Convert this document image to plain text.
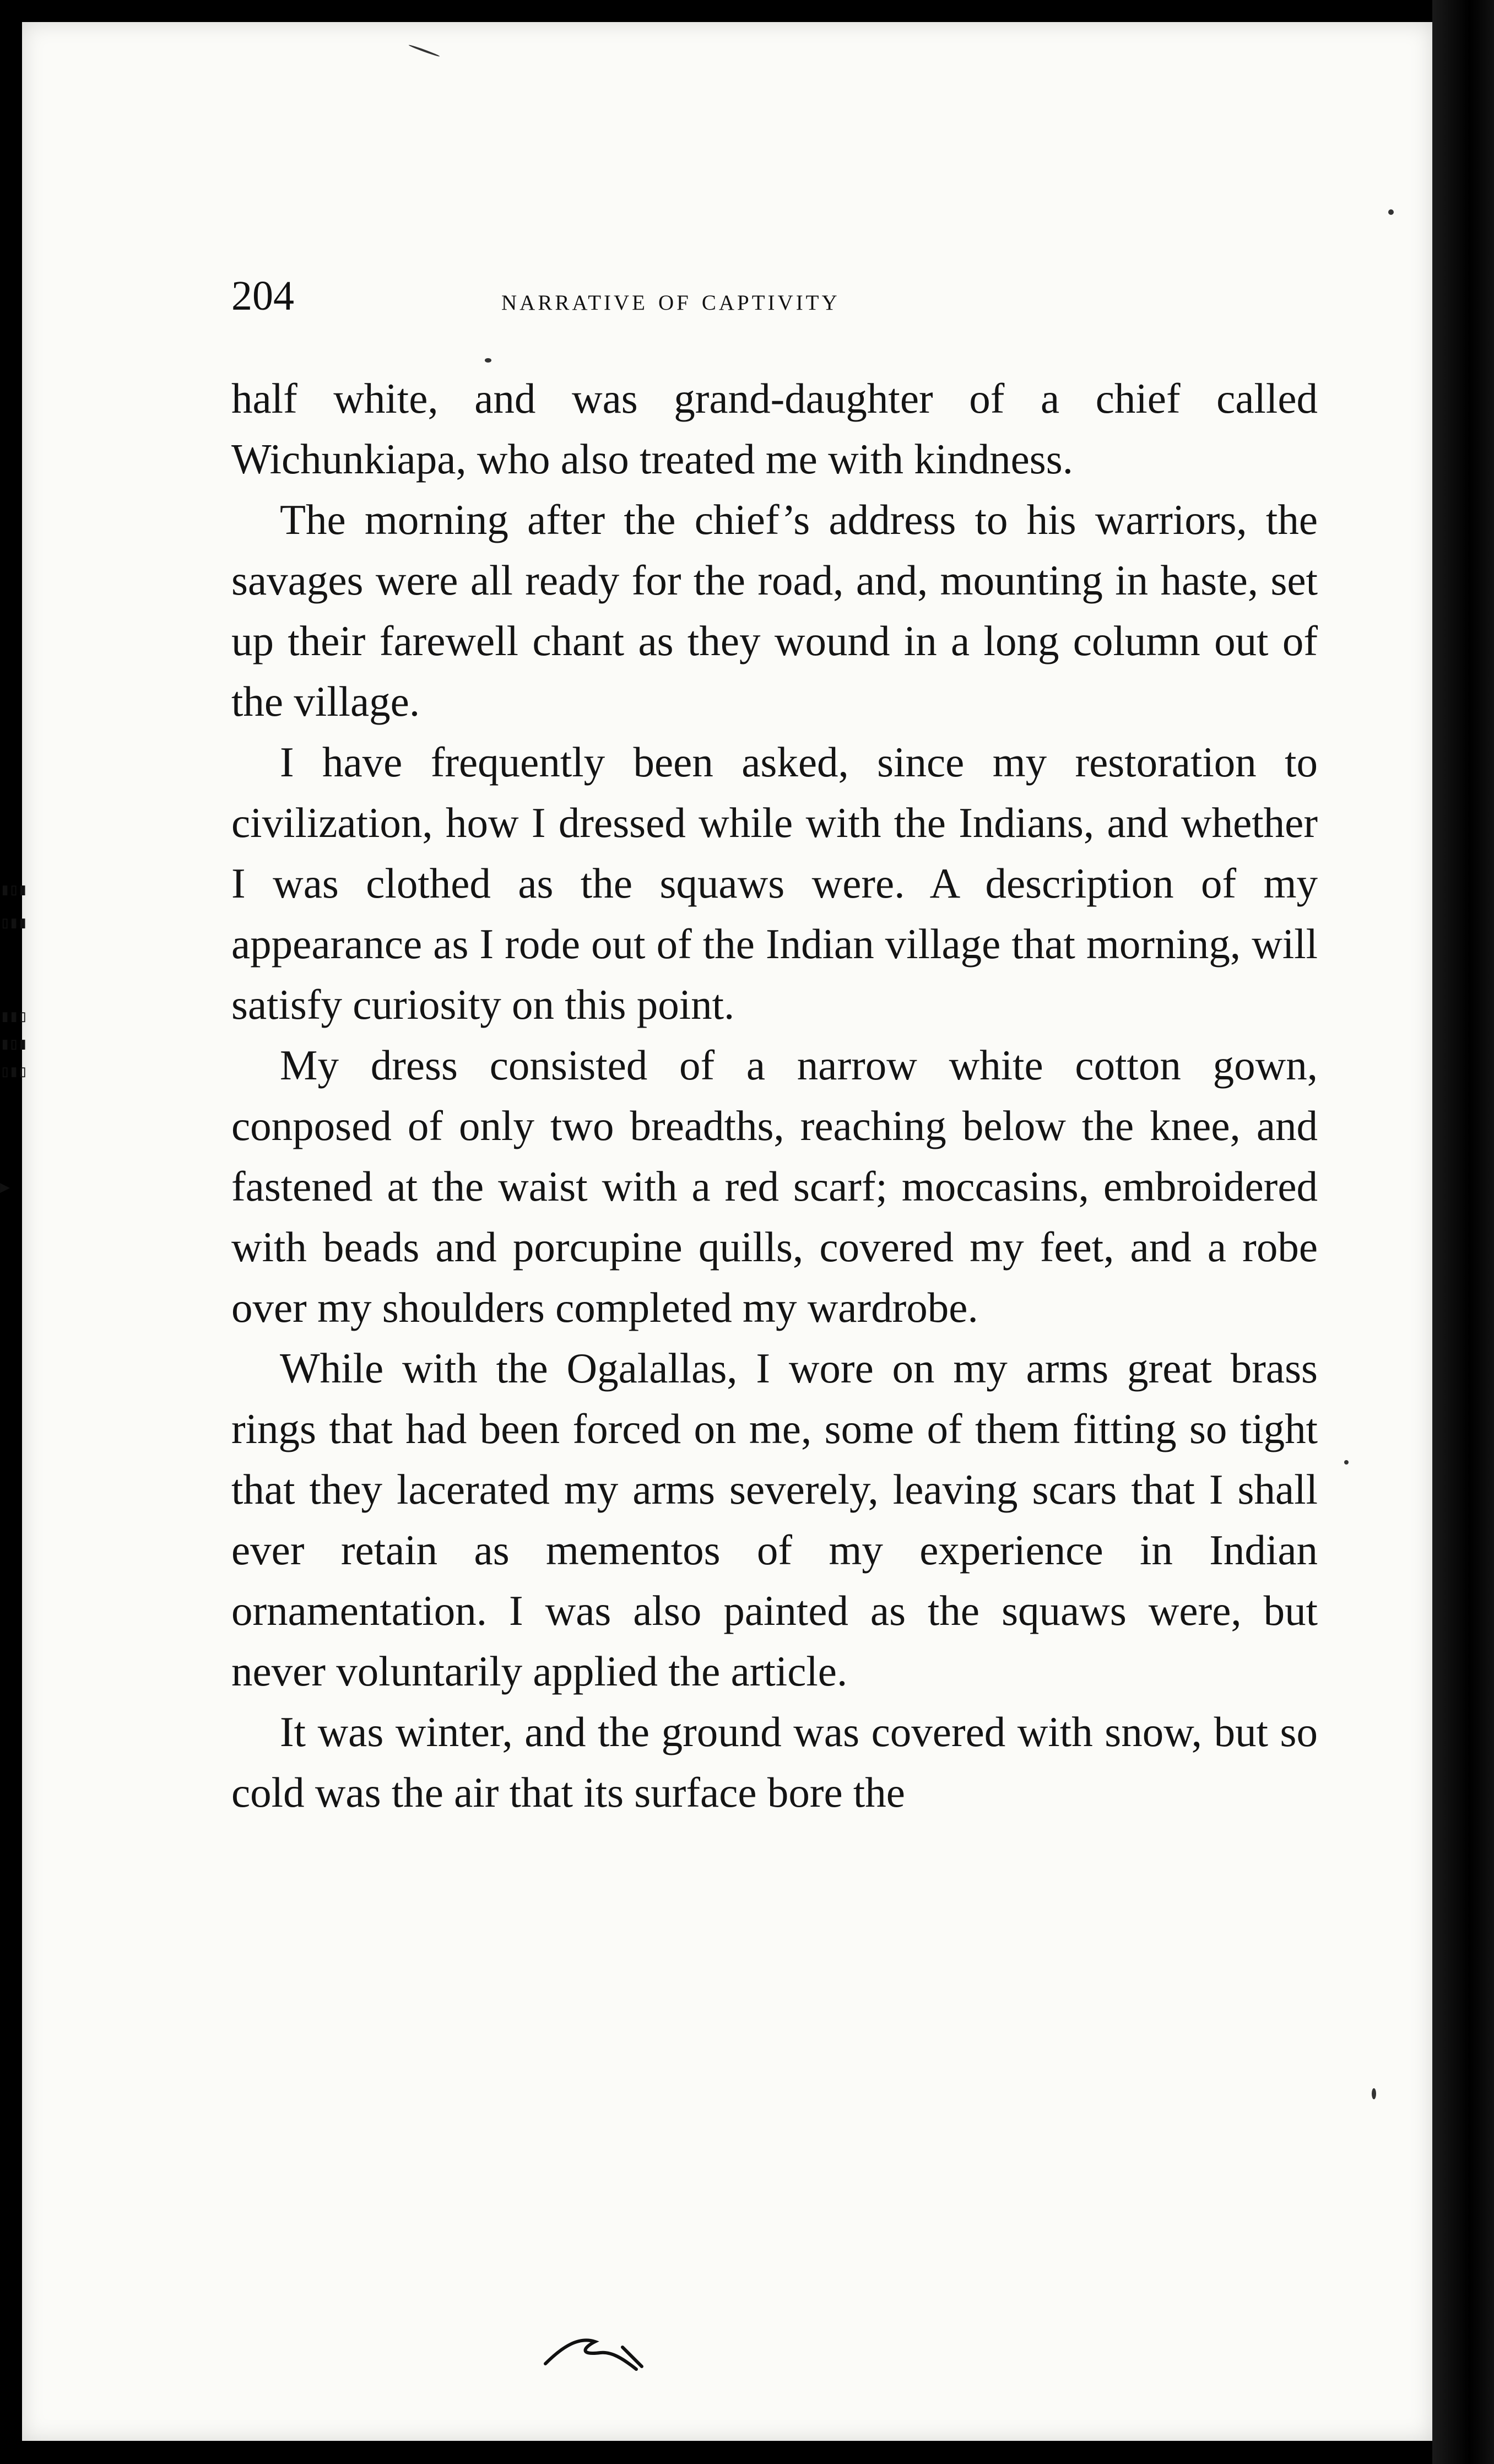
▮▯▮
▯▮▮
▮▮▯
▮▯▮
▯▮▯
▶
204	narrative of captivity

half white, and was grand-daughter of a chief called Wichunkiapa, who also treated me with kindness.

The morning after the chief’s address to his warriors, the savages were all ready for the road, and, mounting in haste, set up their farewell chant as they wound in a long column out of the village.

I have frequently been asked, since my restoration to civilization, how I dressed while with the Indians, and whether I was clothed as the squaws were. A description of my appearance as I rode out of the Indian village that morning, will satisfy curiosity on this point.

My dress consisted of a narrow white cotton gown, conposed of only two breadths, reaching below the knee, and fastened at the waist with a red scarf; moccasins, embroidered with beads and porcupine quills, covered my feet, and a robe over my shoulders completed my wardrobe.

While with the Ogalallas, I wore on my arms great brass rings that had been forced on me, some of them fitting so tight that they lacerated my arms severely, leaving scars that I shall ever retain as mementos of my experience in Indian ornamentation. I was also painted as the squaws were, but never voluntarily applied the article.

It was winter, and the ground was covered with snow, but so cold was the air that its surface bore the
